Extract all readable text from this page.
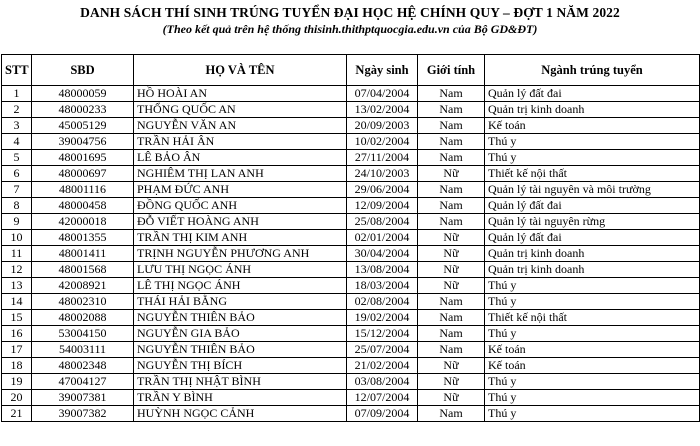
DANH SÁCH THÍ SINH TRÚNG TUYỂN ĐẠI HỌC HỆ CHÍNH QUY – ĐỢT 1 NĂM 2022
(Theo kết quả trên hệ thống thisinh.thithptquocgia.edu.vn của Bộ GD&ĐT)
STT	SBD	HỌ VÀ TÊN	Ngày sinh	Giới tính	Ngành trúng tuyển
1	48000059	HỒ HOÀI AN	07/04/2004	Nam	Quản lý đất đai
2	48000233	THỔNG QUỐC AN	13/02/2004	Nam	Quản trị kinh doanh
3	45005129	NGUYỄN VĂN AN	20/09/2003	Nam	Kế toán
4	39004756	TRẦN HẢI ÂN	10/02/2004	Nam	Thú y
5	48001695	LÊ BẢO ÂN	27/11/2004	Nam	Thú y
6	48000697	NGHIÊM THỊ LAN ANH	24/10/2003	Nữ	Thiết kế nội thất
7	48001116	PHẠM ĐỨC ANH	29/06/2004	Nam	Quản lý tài nguyên và môi trường
8	48000458	ĐỒNG QUỐC ANH	12/09/2004	Nam	Quản lý đất đai
9	42000018	ĐỖ VIẾT HOÀNG ANH	25/08/2004	Nam	Quản lý tài nguyên rừng
10	48001355	TRẦN THỊ KIM ANH	02/01/2004	Nữ	Quản lý đất đai
11	48001411	TRỊNH NGUYỄN PHƯƠNG ANH	30/04/2004	Nữ	Quản trị kinh doanh
12	48001568	LƯU THỊ NGỌC ÁNH	13/08/2004	Nữ	Quản trị kinh doanh
13	42008921	LÊ THỊ NGỌC ÁNH	18/03/2004	Nữ	Thú y
14	48002310	THÁI HẢI BẰNG	02/08/2004	Nam	Thú y
15	48002088	NGUYỄN THIÊN BẢO	19/02/2004	Nam	Thiết kế nội thất
16	53004150	NGUYỄN GIA BẢO	15/12/2004	Nam	Thú y
17	54003111	NGUYỄN THIÊN BẢO	25/07/2004	Nam	Kế toán
18	48002348	NGUYỄN THỊ BÍCH	21/02/2004	Nữ	Kế toán
19	47004127	TRẦN THỊ NHẬT BÌNH	03/08/2004	Nữ	Thú y
20	39007381	TRẦN Y BÌNH	12/07/2004	Nữ	Thú y
21	39007382	HUỲNH NGỌC CẢNH	07/09/2004	Nam	Thú y
